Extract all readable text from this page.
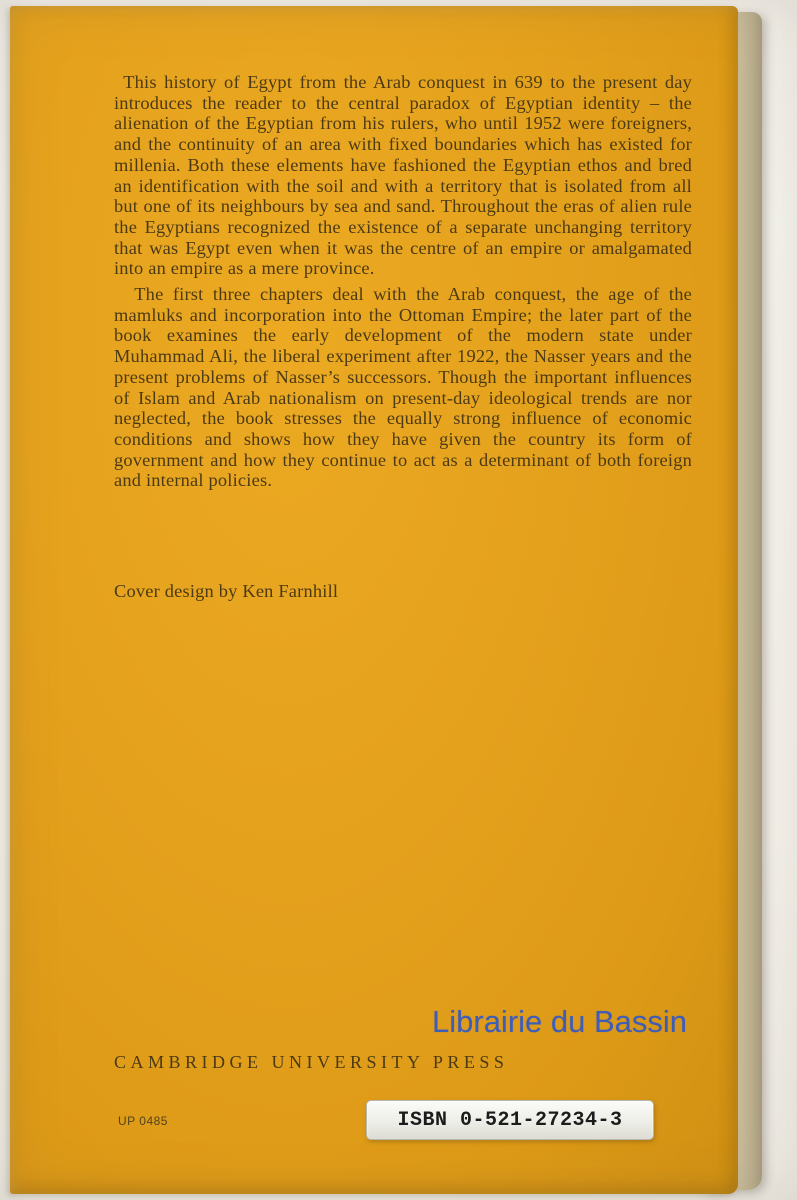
This history of Egypt from the Arab conquest in 639 to the present day introduces the reader to the central paradox of Egyptian identity – the alienation of the Egyptian from his rulers, who until 1952 were foreigners, and the continuity of an area with fixed boundaries which has existed for millenia. Both these elements have fashioned the Egyptian ethos and bred an identification with the soil and with a territory that is isolated from all but one of its neighbours by sea and sand. Throughout the eras of alien rule the Egyptians recognized the existence of a separate unchanging territory that was Egypt even when it was the centre of an empire or amalgamated into an empire as a mere province.

The first three chapters deal with the Arab conquest, the age of the mamluks and incorporation into the Ottoman Empire; the later part of the book examines the early development of the modern state under Muhammad Ali, the liberal experiment after 1922, the Nasser years and the present problems of Nasser’s successors. Though the important influences of Islam and Arab nationalism on present-day ideological trends are nor neglected, the book stresses the equally strong influence of economic conditions and shows how they have given the country its form of government and how they continue to act as a determinant of both foreign and internal policies.

Cover design by Ken Farnhill
Librairie du Bassin
CAMBRIDGE UNIVERSITY PRESS
UP 0485	ISBN 0-521-27234-3
